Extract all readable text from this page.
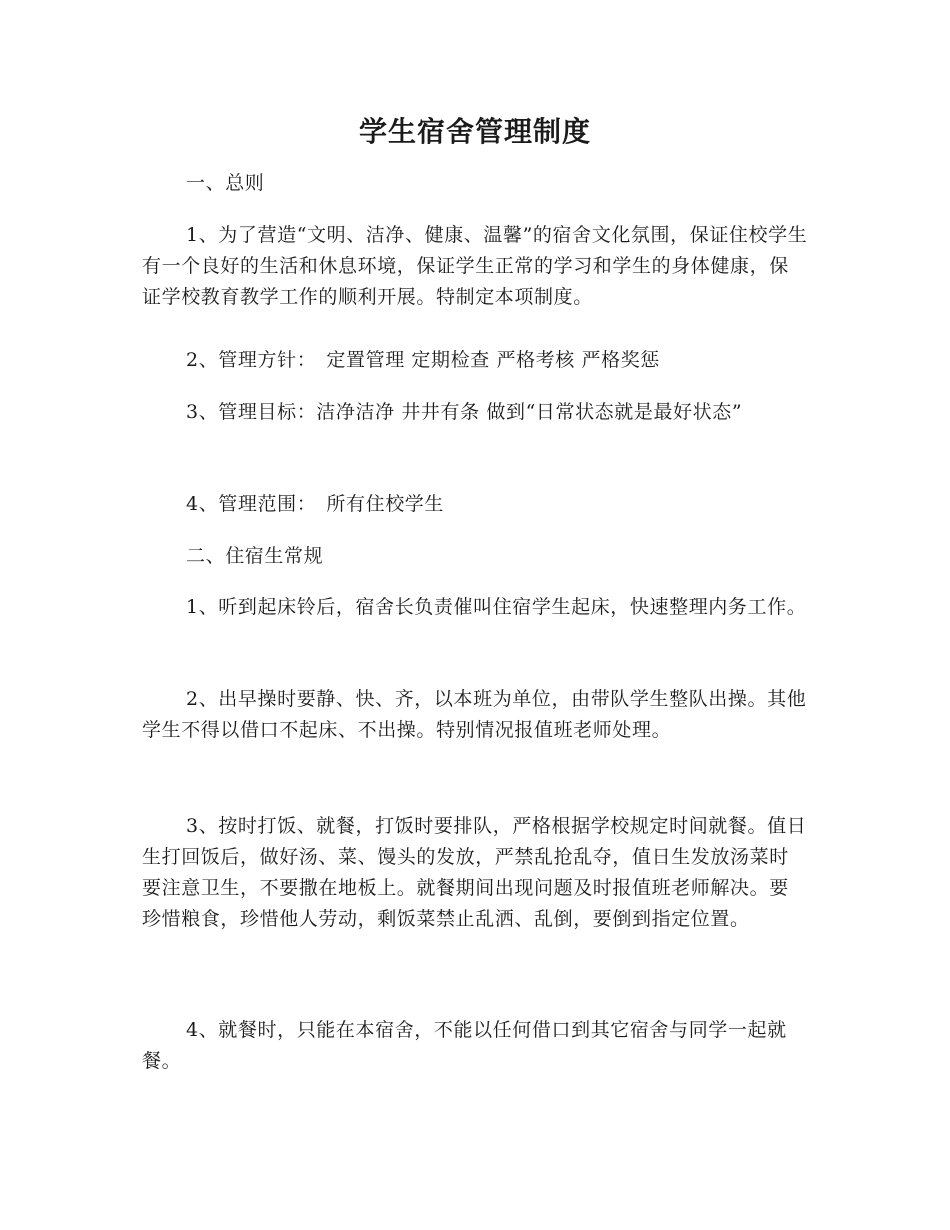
学生宿舍管理制度

一、总则

1、为了营造“文明、洁净、健康、温馨”的宿舍文化氛围，保证住校学生有一个良好的生活和休息环境，保证学生正常的学习和学生的身体健康，保证学校教育教学工作的顺利开展。特制定本项制度。

2、管理方针：　定置管理 定期检查 严格考核 严格奖惩

3、管理目标：洁净洁净 井井有条 做到“日常状态就是最好状态”

4、管理范围：　所有住校学生

二、住宿生常规

1、听到起床铃后，宿舍长负责催叫住宿学生起床，快速整理内务工作。

2、出早操时要静、快、齐，以本班为单位，由带队学生整队出操。其他学生不得以借口不起床、不出操。特别情况报值班老师处理。

3、按时打饭、就餐，打饭时要排队，严格根据学校规定时间就餐。值日生打回饭后，做好汤、菜、馒头的发放，严禁乱抢乱夺，值日生发放汤菜时要注意卫生，不要撒在地板上。就餐期间出现问题及时报值班老师解决。要珍惜粮食，珍惜他人劳动，剩饭菜禁止乱洒、乱倒，要倒到指定位置。

4、就餐时，只能在本宿舍，不能以任何借口到其它宿舍与同学一起就餐。
